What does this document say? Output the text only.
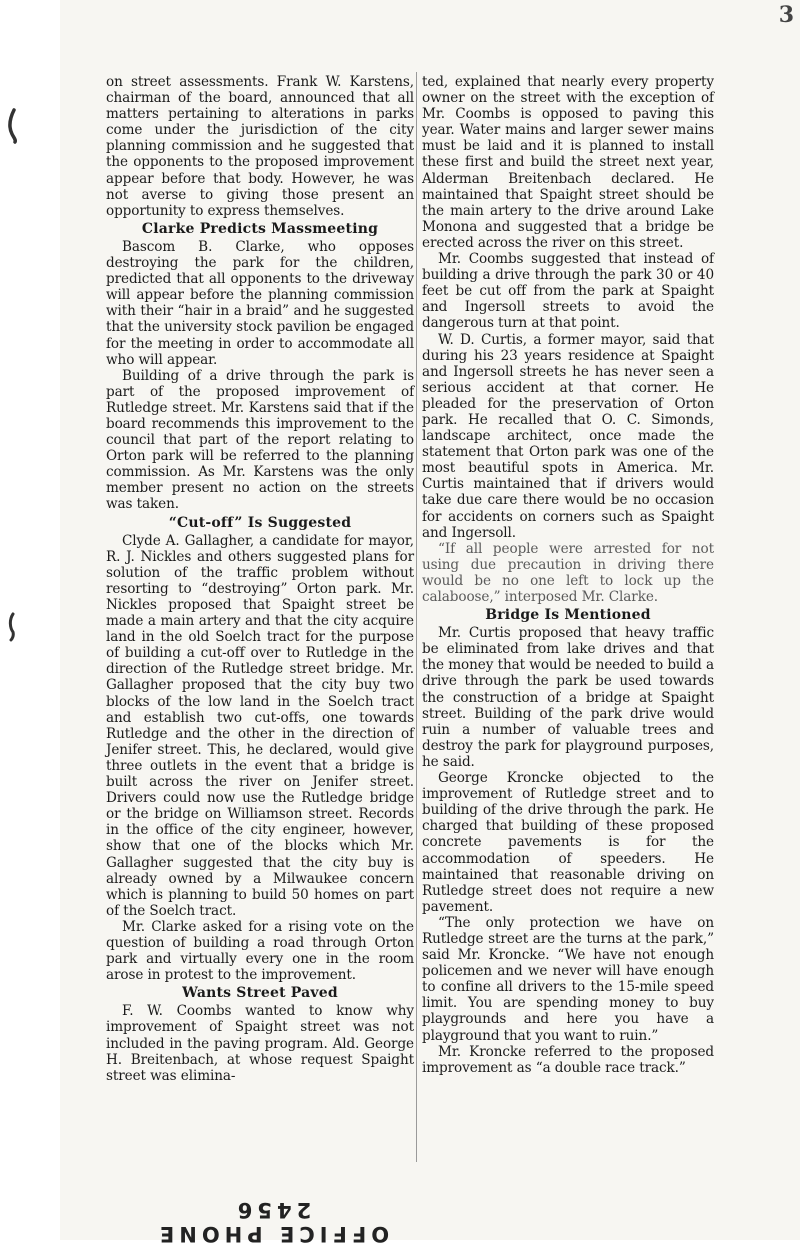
3

on street assessments. Frank W. Karstens, chairman of the board, announced that all matters pertaining to alterations in parks come under the jurisdiction of the city planning commission and he suggested that the opponents to the proposed improvement appear before that body. However, he was not averse to giving those present an opportunity to express themselves.

Clarke Predicts Massmeeting

Bascom B. Clarke, who opposes destroying the park for the children, predicted that all opponents to the driveway will appear before the planning commission with their “hair in a braid” and he suggested that the university stock pavilion be engaged for the meeting in order to accommodate all who will appear.

Building of a drive through the park is part of the proposed improvement of Rutledge street. Mr. Karstens said that if the board recommends this improvement to the council that part of the report relating to Orton park will be referred to the planning commission. As Mr. Karstens was the only member present no action on the streets was taken.

“Cut-off” Is Suggested

Clyde A. Gallagher, a candidate for mayor, R. J. Nickles and others suggested plans for solution of the traffic problem without resorting to “destroying” Orton park. Mr. Nickles proposed that Spaight street be made a main artery and that the city acquire land in the old Soelch tract for the purpose of building a cut-off over to Rutledge in the direction of the Rutledge street bridge. Mr. Gallagher proposed that the city buy two blocks of the low land in the Soelch tract and establish two cut-offs, one towards Rutledge and the other in the direction of Jenifer street. This, he declared, would give three outlets in the event that a bridge is built across the river on Jenifer street. Drivers could now use the Rutledge bridge or the bridge on Williamson street. Records in the office of the city engineer, however, show that one of the blocks which Mr. Gallagher suggested that the city buy is already owned by a Milwaukee concern which is planning to build 50 homes on part of the Soelch tract.

Mr. Clarke asked for a rising vote on the question of building a road through Orton park and virtually every one in the room arose in protest to the improvement.

Wants Street Paved

F. W. Coombs wanted to know why improvement of Spaight street was not included in the paving program. Ald. George H. Breitenbach, at whose request Spaight street was elimina-

ted, explained that nearly every property owner on the street with the exception of Mr. Coombs is opposed to paving this year. Water mains and larger sewer mains must be laid and it is planned to install these first and build the street next year, Alderman Breitenbach declared. He maintained that Spaight street should be the main artery to the drive around Lake Monona and suggested that a bridge be erected across the river on this street.

Mr. Coombs suggested that instead of building a drive through the park 30 or 40 feet be cut off from the park at Spaight and Ingersoll streets to avoid the dangerous turn at that point.

W. D. Curtis, a former mayor, said that during his 23 years residence at Spaight and Ingersoll streets he has never seen a serious accident at that corner. He pleaded for the preservation of Orton park. He recalled that O. C. Simonds, landscape architect, once made the statement that Orton park was one of the most beautiful spots in America. Mr. Curtis maintained that if drivers would take due care there would be no occasion for accidents on corners such as Spaight and Ingersoll.

“If all people were arrested for not using due precaution in driving there would be no one left to lock up the calaboose,” interposed Mr. Clarke.

Bridge Is Mentioned

Mr. Curtis proposed that heavy traffic be eliminated from lake drives and that the money that would be needed to build a drive through the park be used towards the construction of a bridge at Spaight street. Building of the park drive would ruin a number of valuable trees and destroy the park for playground purposes, he said.

George Kroncke objected to the improvement of Rutledge street and to building of the drive through the park. He charged that building of these proposed concrete pavements is for the accommodation of speeders. He maintained that reasonable driving on Rutledge street does not require a new pavement.

“The only protection we have on Rutledge street are the turns at the park,” said Mr. Kroncke. “We have not enough policemen and we never will have enough to confine all drivers to the 15-mile speed limit. You are spending money to buy playgrounds and here you have a playground that you want to ruin.”

Mr. Kroncke referred to the proposed improvement as “a double race track.”

OFFICE PHONE 2456
